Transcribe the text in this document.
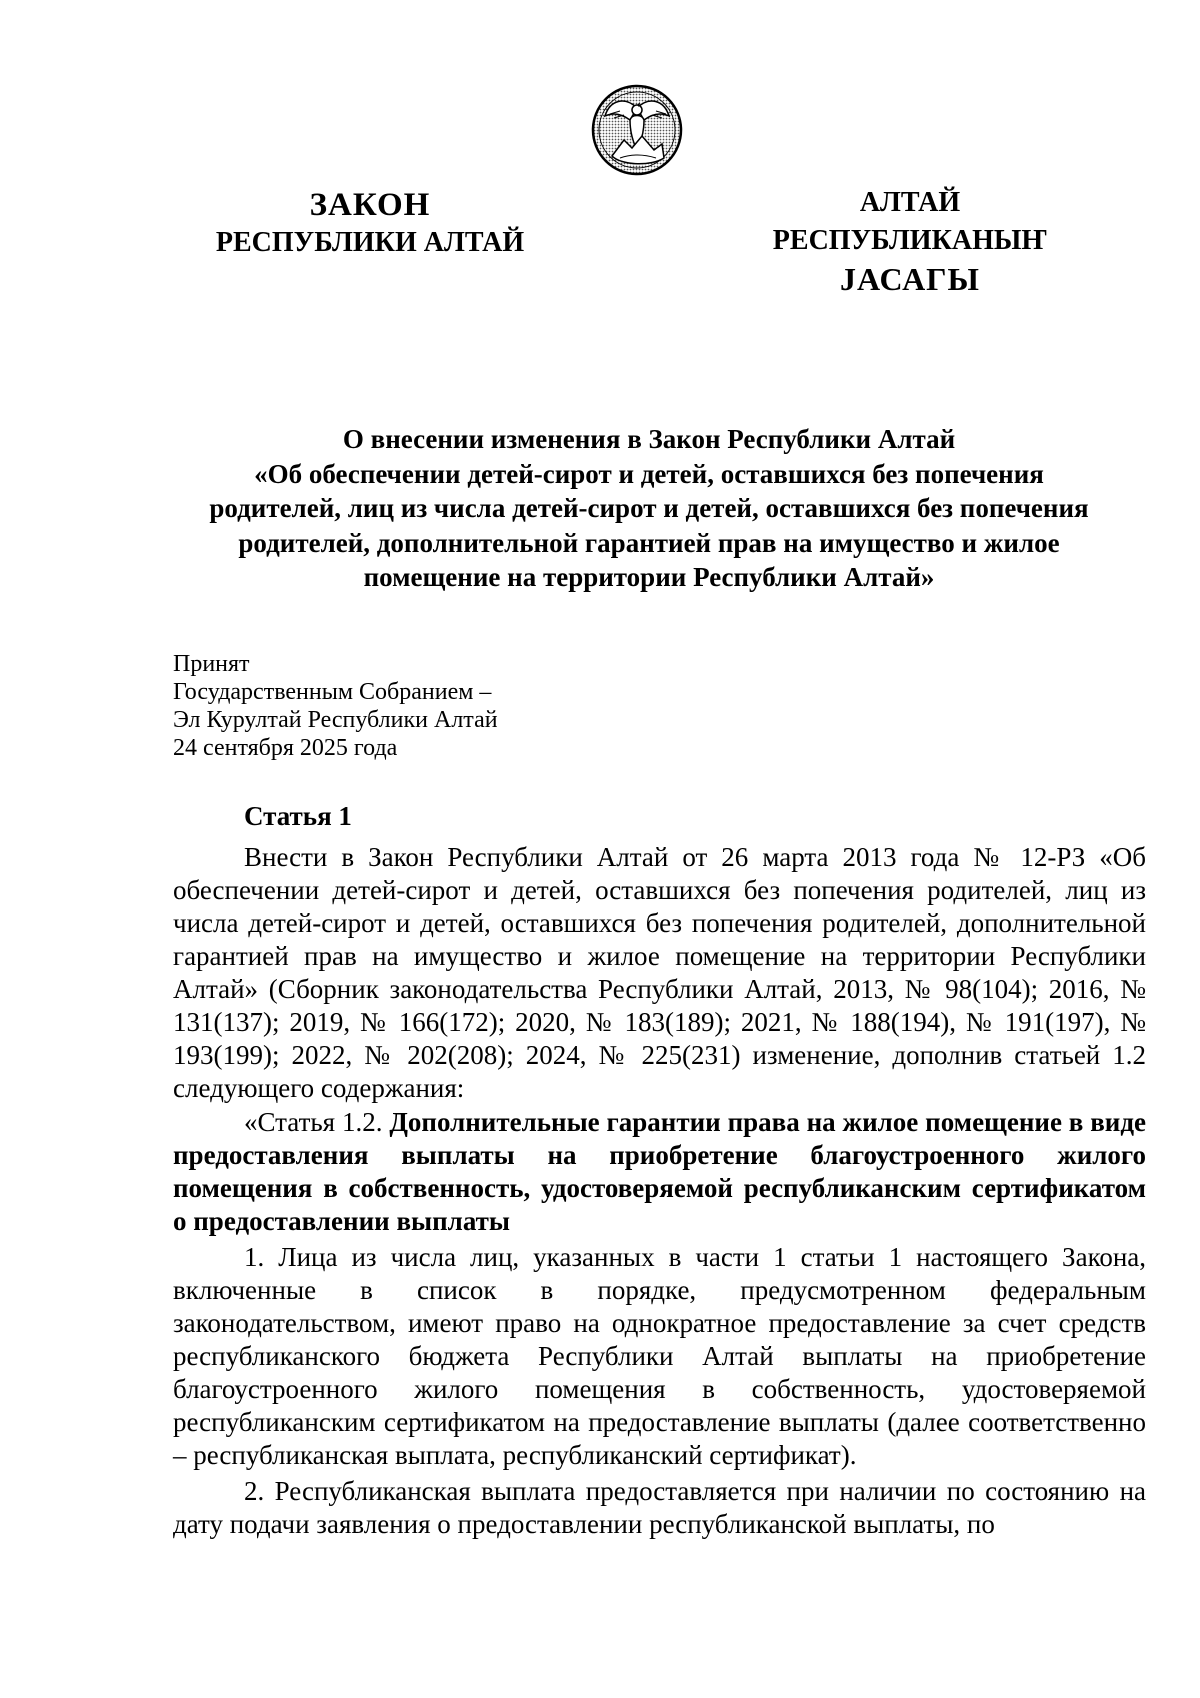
ЗАКОН
РЕСПУБЛИКИ АЛТАЙ
АЛТАЙ РЕСПУБЛИКАНЫҤ
JАСАГЫ
О внесении изменения в Закон Республики Алтай
«Об обеспечении детей-сирот и детей, оставшихся без попечения
родителей, лиц из числа детей-сирот и детей, оставшихся без попечения
родителей, дополнительной гарантией прав на имущество и жилое
помещение на территории Республики Алтай»
Принят
Государственным Собранием –
Эл Курултай Республики Алтай
24 сентября 2025 года
Статья 1

Внести в Закон Республики Алтай от 26 марта 2013 года № 12-РЗ «Об обеспечении детей-сирот и детей, оставшихся без попечения родителей, лиц из числа детей-сирот и детей, оставшихся без попечения родителей, дополнительной гарантией прав на имущество и жилое помещение на территории Республики Алтай» (Сборник законодательства Республики Алтай, 2013, № 98(104); 2016, № 131(137); 2019, № 166(172); 2020, № 183(189); 2021, № 188(194), № 191(197), № 193(199); 2022, № 202(208); 2024, № 225(231) изменение, дополнив статьей 1.2 следующего содержания:

«Статья 1.2. Дополнительные гарантии права на жилое помещение в виде предоставления выплаты на приобретение благоустроенного жилого помещения в собственность, удостоверяемой республиканским сертификатом о предоставлении выплаты

1. Лица из числа лиц, указанных в части 1 статьи 1 настоящего Закона, включенные в список в порядке, предусмотренном федеральным законодательством, имеют право на однократное предоставление за счет средств республиканского бюджета Республики Алтай выплаты на приобретение благоустроенного жилого помещения в собственность, удостоверяемой республиканским сертификатом на предоставление выплаты (далее соответственно – республиканская выплата, республиканский сертификат).

2. Республиканская выплата предоставляется при наличии по состоянию на дату подачи заявления о предоставлении республиканской выплаты, по
